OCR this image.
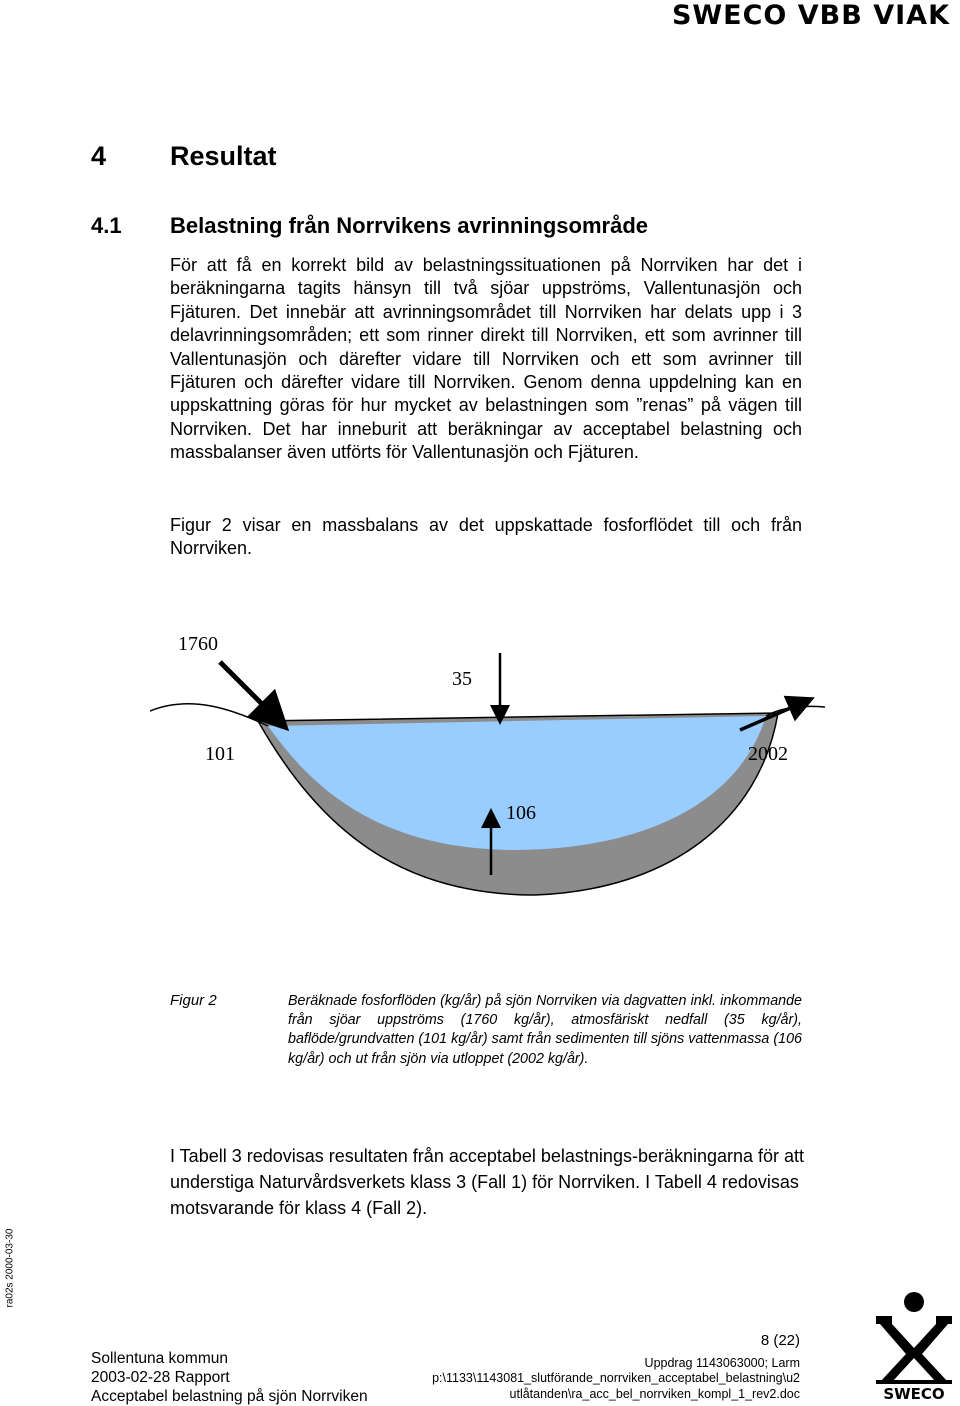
SWECO VBB VIAK
4 Resultat
4.1 Belastning från Norrvikens avrinningsområde
För att få en korrekt bild av belastningssituationen på Norrviken har det i beräkningarna tagits hänsyn till två sjöar uppströms, Vallentunasjön och Fjäturen. Det innebär att avrinningsområdet till Norrviken har delats upp i 3 delavrinningsområden; ett som rinner direkt till Norrviken, ett som avrinner till Vallentunasjön och därefter vidare till Norrviken och ett som avrinner till Fjäturen och därefter vidare till Norrviken. Genom denna uppdelning kan en uppskattning göras för hur mycket av belastningen som ”renas” på vägen till Norrviken. Det har inneburit att beräkningar av acceptabel belastning och massbalanser även utförts för Vallentunasjön och Fjäturen.
Figur 2 visar en massbalans av det uppskattade fosforflödet till och från Norrviken.
1760
35
101	2002
106
Figur 2	Beräknade fosforflöden (kg/år) på sjön Norrviken via dagvatten inkl. inkommande från sjöar uppströms (1760 kg/år), atmosfäriskt nedfall (35 kg/år), baflöde/grundvatten (101 kg/år) samt från sedimenten till sjöns vattenmassa (106 kg/år) och ut från sjön via utloppet (2002 kg/år).
I Tabell 3 redovisas resultaten från acceptabel belastnings-beräkningarna för att understiga Naturvårdsverkets klass 3 (Fall 1) för Norrviken. I Tabell 4 redovisas motsvarande för klass 4 (Fall 2).
ra02s 2000-03-30
Sollentuna kommun
2003-02-28 Rapport
Acceptabel belastning på sjön Norrviken
8 (22)
Uppdrag 1143063000; Larm
p:\1133\1143081_slutförande_norrviken_acceptabel_belastning\u2
utlåtanden\ra_acc_bel_norrviken_kompl_1_rev2.doc	SWECO
